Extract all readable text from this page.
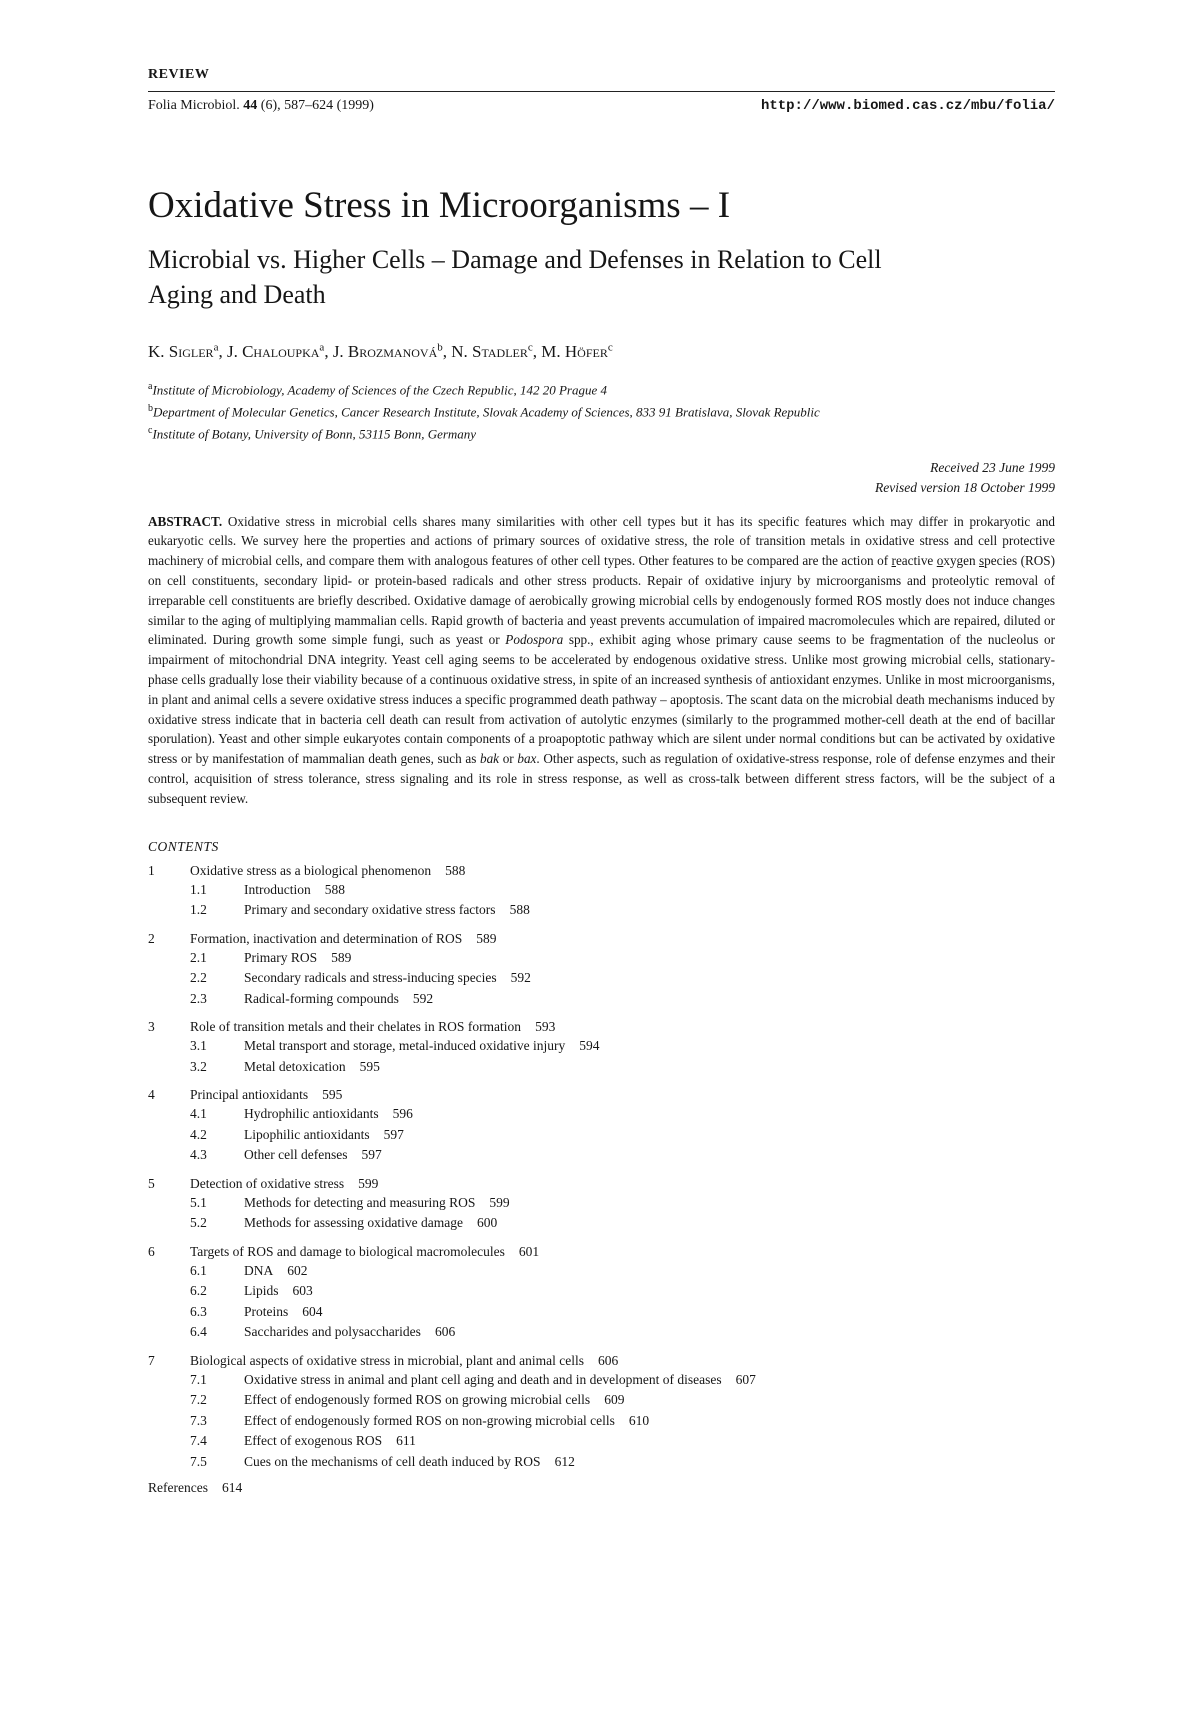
REVIEW
Folia Microbiol. 44 (6), 587–624 (1999)	http://www.biomed.cas.cz/mbu/folia/
Oxidative Stress in Microorganisms – I
Microbial vs. Higher Cells – Damage and Defenses in Relation to Cell Aging and Death
K. Sigler$^a$, J. Chaloupka$^a$, J. Brozmanová$^b$, N. Stadler$^c$, M. Höfer$^c$
$^a$Institute of Microbiology, Academy of Sciences of the Czech Republic, 142 20 Prague 4
$^b$Department of Molecular Genetics, Cancer Research Institute, Slovak Academy of Sciences, 833 91 Bratislava, Slovak Republic
$^c$Institute of Botany, University of Bonn, 53115 Bonn, Germany
Received 23 June 1999
Revised version 18 October 1999
ABSTRACT. Oxidative stress in microbial cells shares many similarities with other cell types but it has its specific features which may differ in prokaryotic and eukaryotic cells. We survey here the properties and actions of primary sources of oxidative stress, the role of transition metals in oxidative stress and cell protective machinery of microbial cells, and compare them with analogous features of other cell types. Other features to be compared are the action of reactive oxygen species (ROS) on cell constituents, secondary lipid- or protein-based radicals and other stress products. Repair of oxidative injury by microorganisms and proteolytic removal of irreparable cell constituents are briefly described. Oxidative damage of aerobically growing microbial cells by endogenously formed ROS mostly does not induce changes similar to the aging of multiplying mammalian cells. Rapid growth of bacteria and yeast prevents accumulation of impaired macromolecules which are repaired, diluted or eliminated. During growth some simple fungi, such as yeast or Podospora spp., exhibit aging whose primary cause seems to be fragmentation of the nucleolus or impairment of mitochondrial DNA integrity. Yeast cell aging seems to be accelerated by endogenous oxidative stress. Unlike most growing microbial cells, stationary-phase cells gradually lose their viability because of a continuous oxidative stress, in spite of an increased synthesis of antioxidant enzymes. Unlike in most microorganisms, in plant and animal cells a severe oxidative stress induces a specific programmed death pathway – apoptosis. The scant data on the microbial death mechanisms induced by oxidative stress indicate that in bacteria cell death can result from activation of autolytic enzymes (similarly to the programmed mother-cell death at the end of bacillar sporulation). Yeast and other simple eukaryotes contain components of a proapoptotic pathway which are silent under normal conditions but can be activated by oxidative stress or by manifestation of mammalian death genes, such as bak or bax. Other aspects, such as regulation of oxidative-stress response, role of defense enzymes and their control, acquisition of stress tolerance, stress signaling and its role in stress response, as well as cross-talk between different stress factors, will be the subject of a subsequent review.
CONTENTS
1	Oxidative stress as a biological phenomenon 588
1.1	Introduction 588
1.2	Primary and secondary oxidative stress factors 588
2	Formation, inactivation and determination of ROS 589
2.1	Primary ROS 589
2.2	Secondary radicals and stress-inducing species 592
2.3	Radical-forming compounds 592
3	Role of transition metals and their chelates in ROS formation 593
3.1	Metal transport and storage, metal-induced oxidative injury 594
3.2	Metal detoxication 595
4	Principal antioxidants 595
4.1	Hydrophilic antioxidants 596
4.2	Lipophilic antioxidants 597
4.3	Other cell defenses 597
5	Detection of oxidative stress 599
5.1	Methods for detecting and measuring ROS 599
5.2	Methods for assessing oxidative damage 600
6	Targets of ROS and damage to biological macromolecules 601
6.1	DNA 602
6.2	Lipids 603
6.3	Proteins 604
6.4	Saccharides and polysaccharides 606
7	Biological aspects of oxidative stress in microbial, plant and animal cells 606
7.1	Oxidative stress in animal and plant cell aging and death and in development of diseases 607
7.2	Effect of endogenously formed ROS on growing microbial cells 609
7.3	Effect of endogenously formed ROS on non-growing microbial cells 610
7.4	Effect of exogenous ROS 611
7.5	Cues on the mechanisms of cell death induced by ROS 612
References 614
